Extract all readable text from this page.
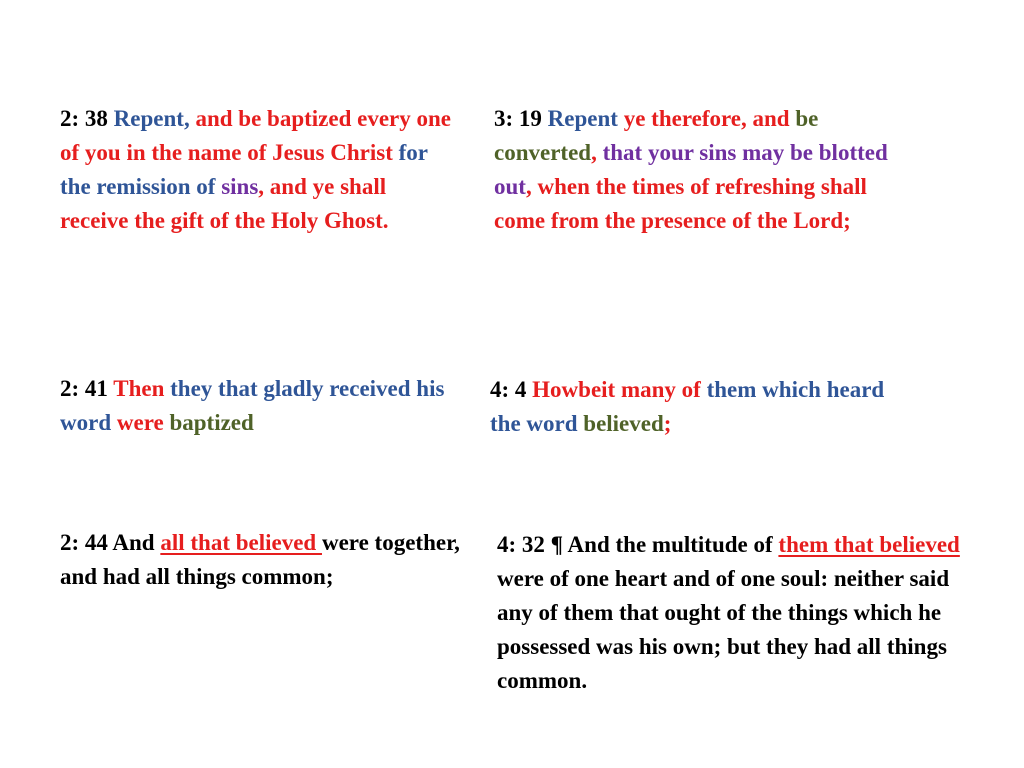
2: 38 Repent, and be baptized every one of you in the name of Jesus Christ for the remission of sins, and ye shall receive the gift of the Holy Ghost.

3: 19 Repent ye therefore, and be converted, that your sins may be blotted out, when the times of refreshing shall come from the presence of the Lord;

2: 41 Then they that gladly received his word were baptized

4: 4 Howbeit many of them which heard the word believed;

2: 44 And all that believed were together, and had all things common;

4: 32 ¶ And the multitude of them that believed were of one heart and of one soul: neither said any of them that ought of the things which he possessed was his own; but they had all things common.
